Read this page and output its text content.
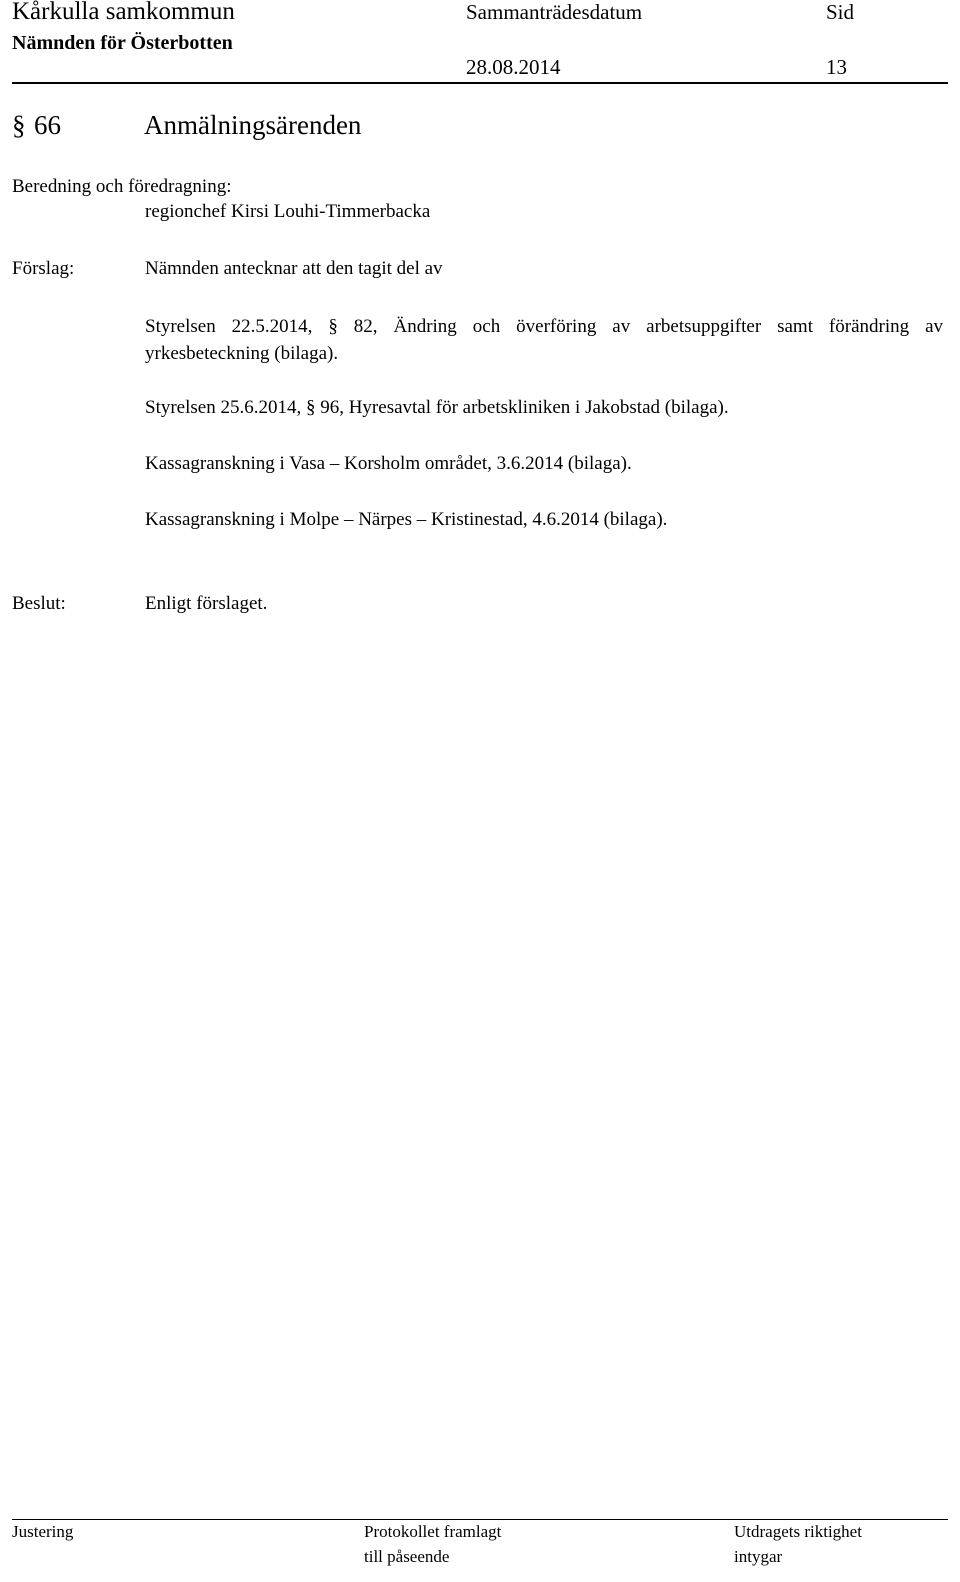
Kårkulla samkommun
Nämnden för Österbotten
Sammanträdesdatum
28.08.2014
Sid
13
§ 66	Anmälningsärenden
Beredning och föredragning:
regionchef Kirsi Louhi-Timmerbacka
Förslag:	Nämnden antecknar att den tagit del av
Styrelsen 22.5.2014, § 82, Ändring och överföring av arbetsuppgifter samt förändring av yrkesbeteckning (bilaga).
Styrelsen 25.6.2014, § 96, Hyresavtal för arbetskliniken i Jakobstad (bilaga).
Kassagranskning i Vasa – Korsholm området, 3.6.2014 (bilaga).
Kassagranskning i Molpe – Närpes – Kristinestad, 4.6.2014 (bilaga).
Beslut:	Enligt förslaget.
Justering	Protokollet framlagt
till påseende
Utdragets riktighet
intygar
